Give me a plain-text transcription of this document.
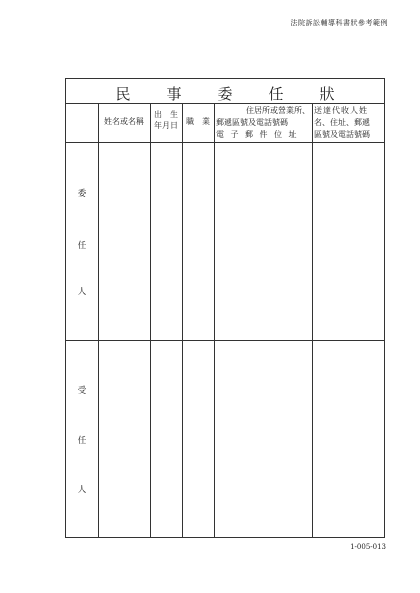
法院訴訟輔導科書狀參考範例
民事委任狀
姓名或名稱
出　生
年月日	職　業
住居所或營業所、
郵遞區號及電話號碼
電子郵件位址
送達代收人姓
名、住址、郵遞
區號及電話號碼
委
任
人
受
任
人
1-005-013
